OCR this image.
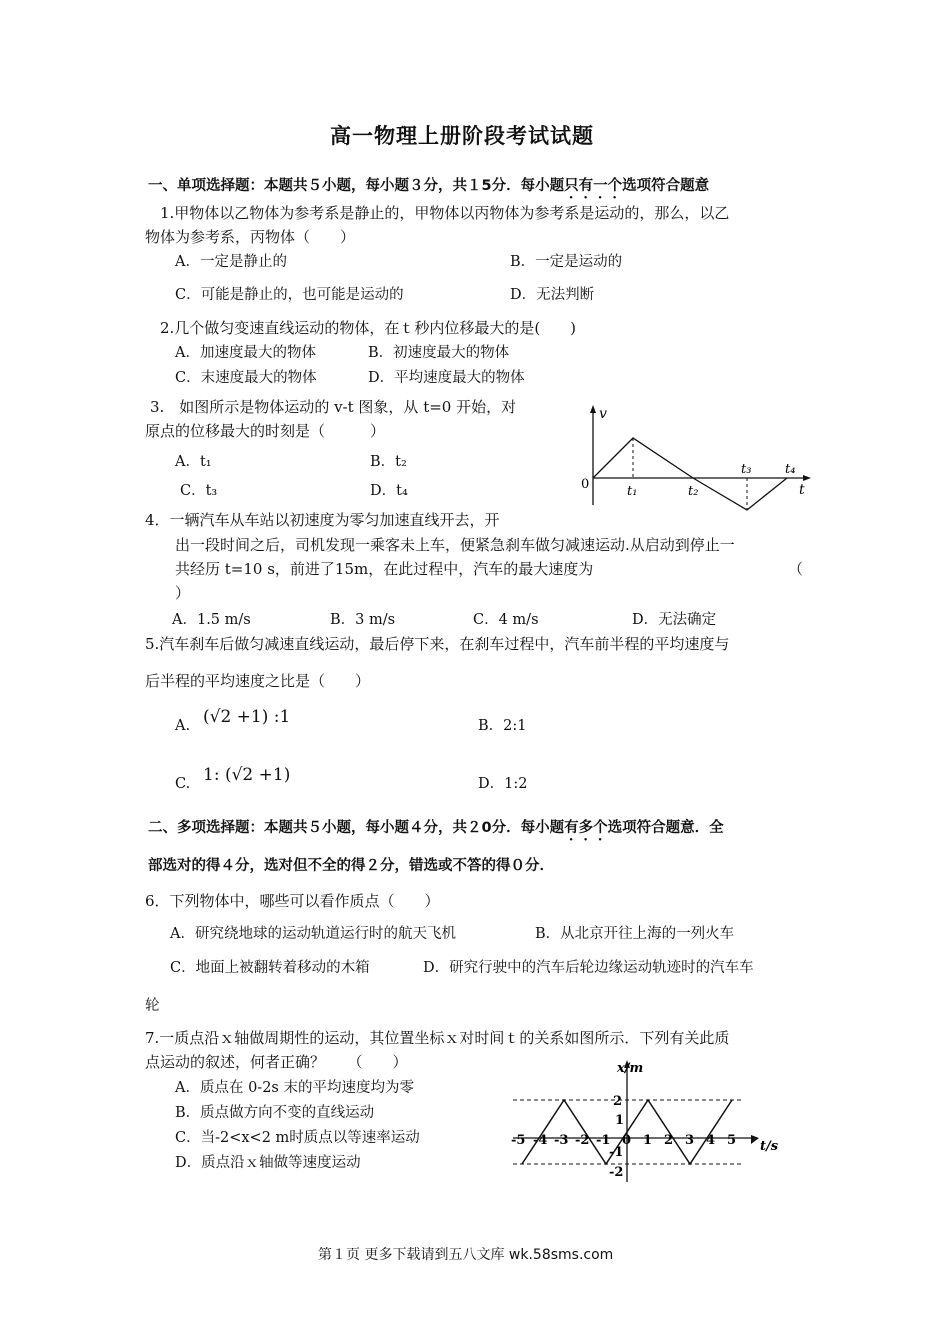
高一物理上册阶段考试试题
一、单项选择题：本题共５小题，每小题３分，共１5分．每小题只有一个选项符合题意
1.甲物体以乙物体为参考系是静止的，甲物体以丙物体为参考系是运动的，那么，以乙
物体为参考系，丙物体（　　）
A．一定是静止的	B．一定是运动的
C．可能是静止的，也可能是运动的	D．无法判断
2.几个做匀变速直线运动的物体，在ｔ秒内位移最大的是(　　)
A．加速度最大的物体	B．初速度最大的物体
C．末速度最大的物体	D．平均速度最大的物体
3.　如图所示是物体运动的 v-t 图象，从 t=0 开始，对
原点的位移最大的时刻是（　　　）
A．t₁	B．t₂
C．t₃	D．t₄
v
t
0	t₁	t₂
t₃	t₄
4．一辆汽车从车站以初速度为零匀加速直线开去，开
出一段时间之后，司机发现一乘客未上车，便紧急刹车做匀减速运动.从启动到停止一
共经历 t=10 s，前进了15m，在此过程中，汽车的最大速度为	（
）
A．1.5 m/s	B．3 m/s	C．4 m/s	D．无法确定
5.汽车刹车后做匀减速直线运动，最后停下来，在刹车过程中，汽车前半程的平均速度与
后半程的平均速度之比是（　　）
A. (√2 +1) :1	B．2:1
C. 1: (√2 +1)	D．1:2
二、多项选择题：本题共５小题，每小题４分，共２0分．每小题有多个选项符合题意．全
部选对的得４分，选对但不全的得２分，错选或不答的得０分．
6．下列物体中，哪些可以看作质点（　　）
A．研究绕地球的运动轨道运行时的航天飞机	B．从北京开往上海的一列火车
C．地面上被翻转着移动的木箱	D．研究行驶中的汽车后轮边缘运动轨迹时的汽车车
轮
7.一质点沿ｘ轴做周期性的运动，其位置坐标ｘ对时间ｔ的关系如图所示．下列有关此质
点运动的叙述，何者正确？　　（　　）
A．质点在 0-2s 末的平均速度均为零
B．质点做方向不变的直线运动
C．当-2<x<2 m时质点以等速率运动
D．质点沿ｘ轴做等速度运动
x/m
t/s
2
1
-1
-2
-5 -4 -3 -2 -1 0 1 2 3 4 5
第１页 更多下载请到五八文库 wk.58sms.com
